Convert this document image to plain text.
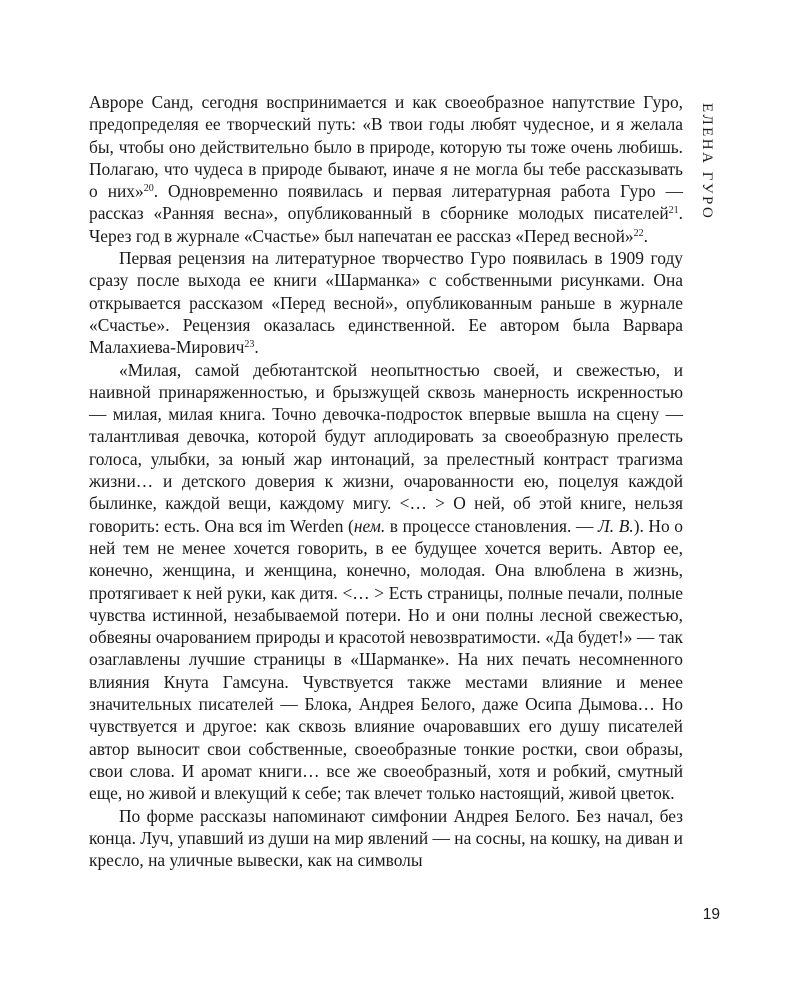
ЕЛЕНА ГУРО

Авроре Санд, сегодня воспринимается и как своеобразное напутствие Гуро, предопределяя ее творческий путь: «В твои годы любят чудесное, и я желала бы, чтобы оно действительно было в природе, которую ты тоже очень любишь. Полагаю, что чудеса в природе бывают, иначе я не могла бы тебе рассказывать о них»$^{20}$. Одновременно появилась и первая литературная работа Гуро — рассказ «Ранняя весна», опубликованный в сборнике молодых писателей$^{21}$. Через год в журнале «Счастье» был напечатан ее рассказ «Перед весной»$^{22}$.

Первая рецензия на литературное творчество Гуро появилась в 1909 году сразу после выхода ее книги «Шарманка» с собственными рисунками. Она открывается рассказом «Перед весной», опубликованным раньше в журнале «Счастье». Рецензия оказалась единственной. Ее автором была Варвара Малахиева-Мирович$^{23}$.

«Милая, самой дебютантской неопытностью своей, и свежестью, и наивной принаряженностью, и брызжущей сквозь манерность искренностью — милая, милая книга. Точно девочка-подросток впервые вышла на сцену — талантливая девочка, которой будут аплодировать за своеобразную прелесть голоса, улыбки, за юный жар интонаций, за прелестный контраст трагизма жизни… и детского доверия к жизни, очарованности ею, поцелуя каждой былинке, каждой вещи, каждому мигу. <… > О ней, об этой книге, нельзя говорить: есть. Она вся im Werden (нем. в процессе становления. — Л. В.). Но о ней тем не менее хочется говорить, в ее будущее хочется верить. Автор ее, конечно, женщина, и женщина, конечно, молодая. Она влюблена в жизнь, протягивает к ней руки, как дитя. <… > Есть страницы, полные печали, полные чувства истинной, незабываемой потери. Но и они полны лесной свежестью, обвеяны очарованием природы и красотой невозвратимости. «Да будет!» — так озаглавлены лучшие страницы в «Шарманке». На них печать несомненного влияния Кнута Гамсуна. Чувствуется также местами влияние и менее значительных писателей — Блока, Андрея Белого, даже Осипа Дымова… Но чувствуется и другое: как сквозь влияние очаровавших его душу писателей автор выносит свои собственные, своеобразные тонкие ростки, свои образы, свои слова. И аромат книги… все же своеобразный, хотя и робкий, смутный еще, но живой и влекущий к себе; так влечет только настоящий, живой цветок.

По форме рассказы напоминают симфонии Андрея Белого. Без начал, без конца. Луч, упавший из души на мир явлений — на сосны, на кошку, на диван и кресло, на уличные вывески, как на символы

19
